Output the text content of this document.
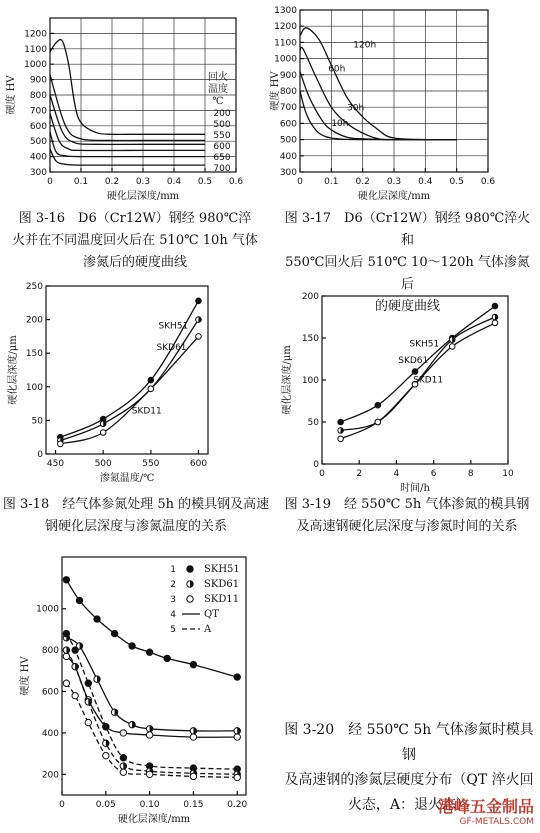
0 0.1 0.2 0.3 0.4 0.5 0.6
300
400
500
600
700
800
900
1000
1100
1200
硬化层深度/mm
硬度 HV	回火
温度
℃
200
500
550
600
650
700
图 3-16　D6（Cr12W）钢经 980℃淬
火并在不同温度回火后在 510℃ 10h 气体
渗氮后的硬度曲线
0 0.1 0.2 0.3 0.4 0.5 0.6
300
400
500
600
700
800
900
1000
1100
1200
1300
硬化层深度/mm
硬度 HV
120h
60h
30h
10h
图 3-17　D6（Cr12W）钢经 980℃淬火和
550℃回火后 510℃ 10～120h 气体渗氮后
的硬度曲线
450	500	550	600
0
50
100
150
200
250
渗氮温度/℃
硬化层深度/μm
SKH51
SKD61
SKD11
图 3-18　经气体参氮处理 5h 的模具钢及高速
钢硬化层深度与渗氮温度的关系
0	2	4	6	8	10
0
50
100
150
200
时间/h
硬化层深度/μm
SKH51
SKD61
SKD11
图 3-19　经 550℃ 5h 气体渗氮的模具钢
及高速钢硬化层深度与渗氮时间的关系
0	0.05	0.10	0.15	0.20
200
400
600
800
1000
硬化层深度/mm
硬度 HV
1	SKH51
2	SKD61
3	SKD11
4	QT
5	A
图 3-20　经 550℃ 5h 气体渗氮时模具钢
及高速钢的渗氮层硬度分布（QT 淬火回
火态，A：退火态）
港峰五金制品
GF-METALS.COM
